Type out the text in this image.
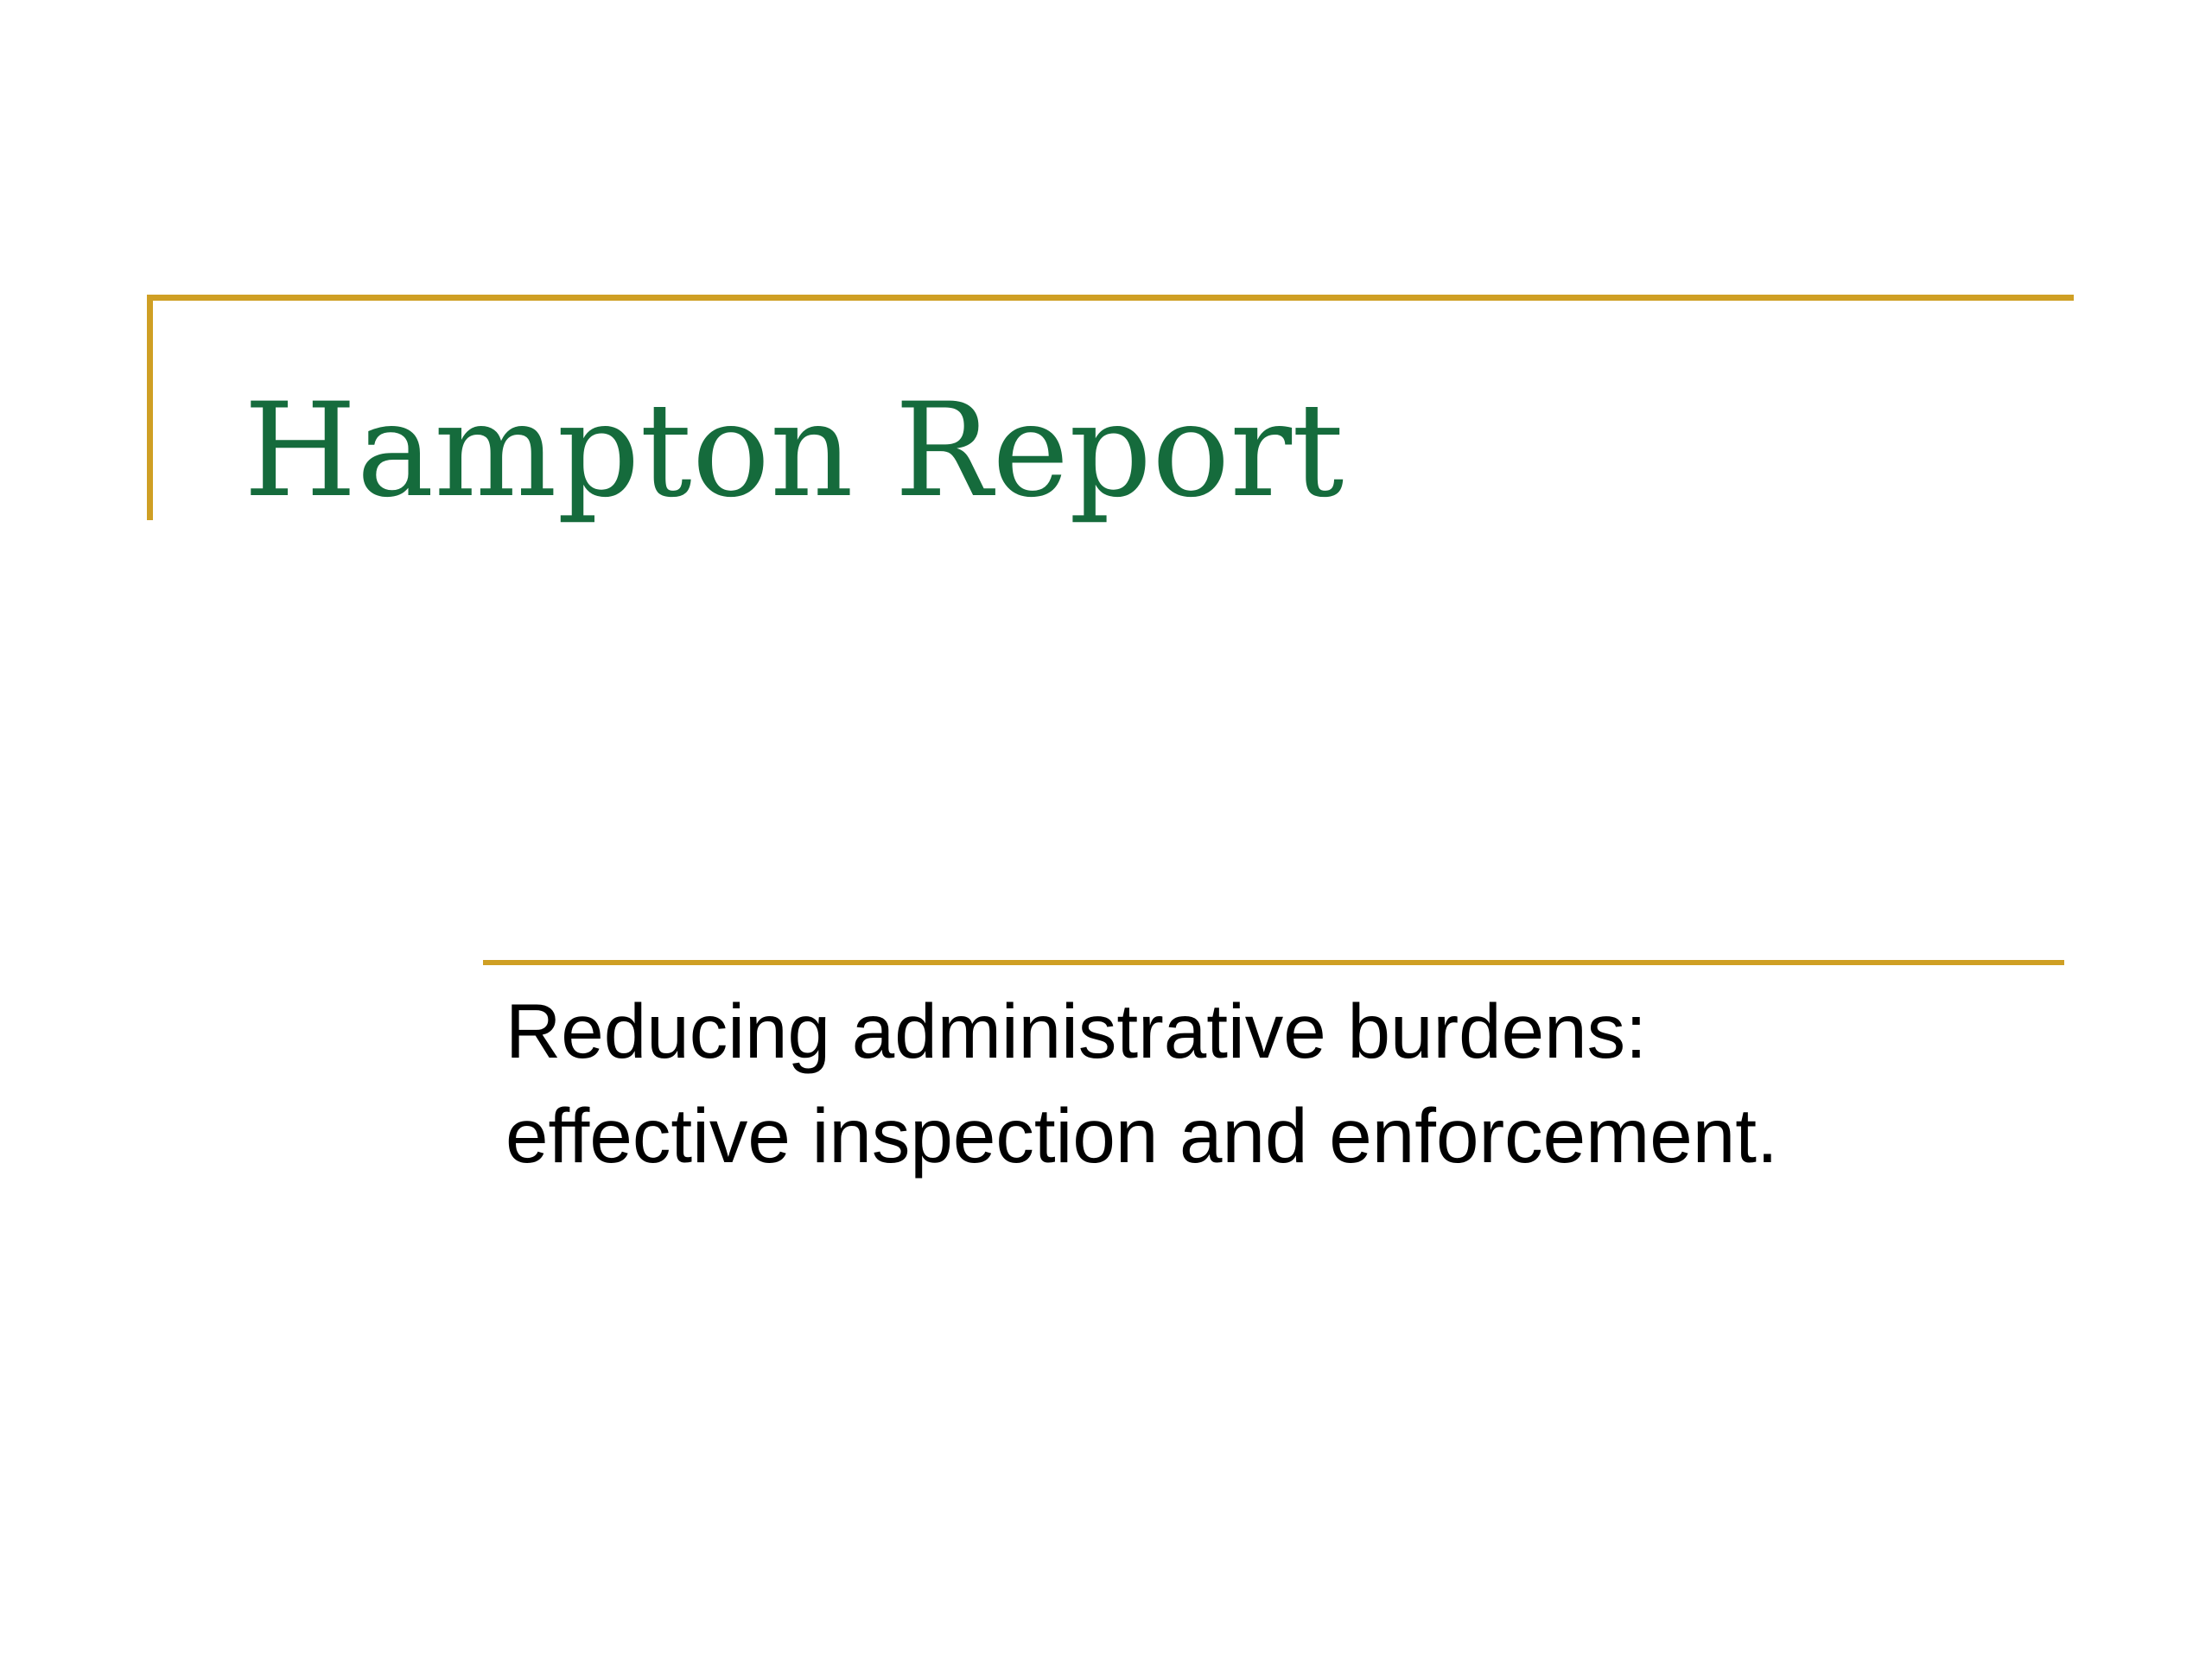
Hampton Report
Reducing administrative burdens:
effective inspection and enforcement.
